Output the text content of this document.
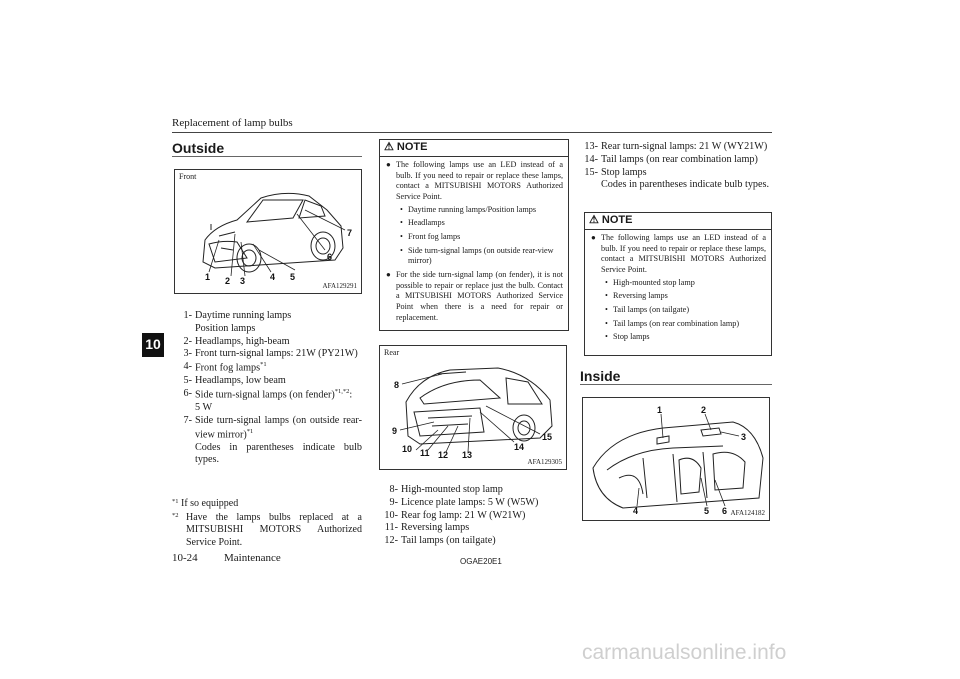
Replacement of lamp bulbs
10
Outside
Front
1 2 3	4 5
6
7
AFA129291
1- Daytime running lamps
Position lamps
2- Headlamps, high-beam
3- Front turn-signal lamps: 21W (PY21W)
4- Front fog lamps$^{*1}$
5- Headlamps, low beam
6- Side turn-signal lamps (on fender)$^{*1,*2}$:
5 W
7- Side turn-signal lamps (on outside rear-view mirror)$^{*1}$
Codes in parentheses indicate bulb types.
*1
If so equipped
*2 Have the lamps bulbs replaced at a MITSUBISHI MOTORS Authorized Service Point.
⚠ NOTE
● The following lamps use an LED instead of a bulb. If you need to repair or replace these lamps, contact a MITSUBISHI MOTORS Authorized Service Point.
• Daytime running lamps/Position lamps
• Headlamps
• Front fog lamps
• Side turn-signal lamps (on outside rear-view mirror)
● For the side turn-signal lamp (on fender), it is not possible to repair or replace just the bulb. Contact a MITSUBISHI MOTORS Authorized Service Point when there is a need for repair or replacement.
Rear
8
9
10 11 12 13
14
15
AFA129305
8- High-mounted stop lamp
9- Licence plate lamps: 5 W (W5W)
10- Rear fog lamp: 21 W (W21W)
11- Reversing lamps
12- Tail lamps (on tailgate)
13- Rear turn-signal lamps: 21 W (WY21W)
14- Tail lamps (on rear combination lamp)
15- Stop lamps
Codes in parentheses indicate bulb types.
⚠ NOTE
● The following lamps use an LED instead of a bulb. If you need to repair or replace these lamps, contact a MITSUBISHI MOTORS Authorized Service Point.
• High-mounted stop lamp
• Reversing lamps
• Tail lamps (on tailgate)
• Tail lamps (on rear combination lamp)
• Stop lamps
Inside
1	2
3
4	5 6 AFA124182
10-24 Maintenance	OGAE20E1
carmanualsonline.info
